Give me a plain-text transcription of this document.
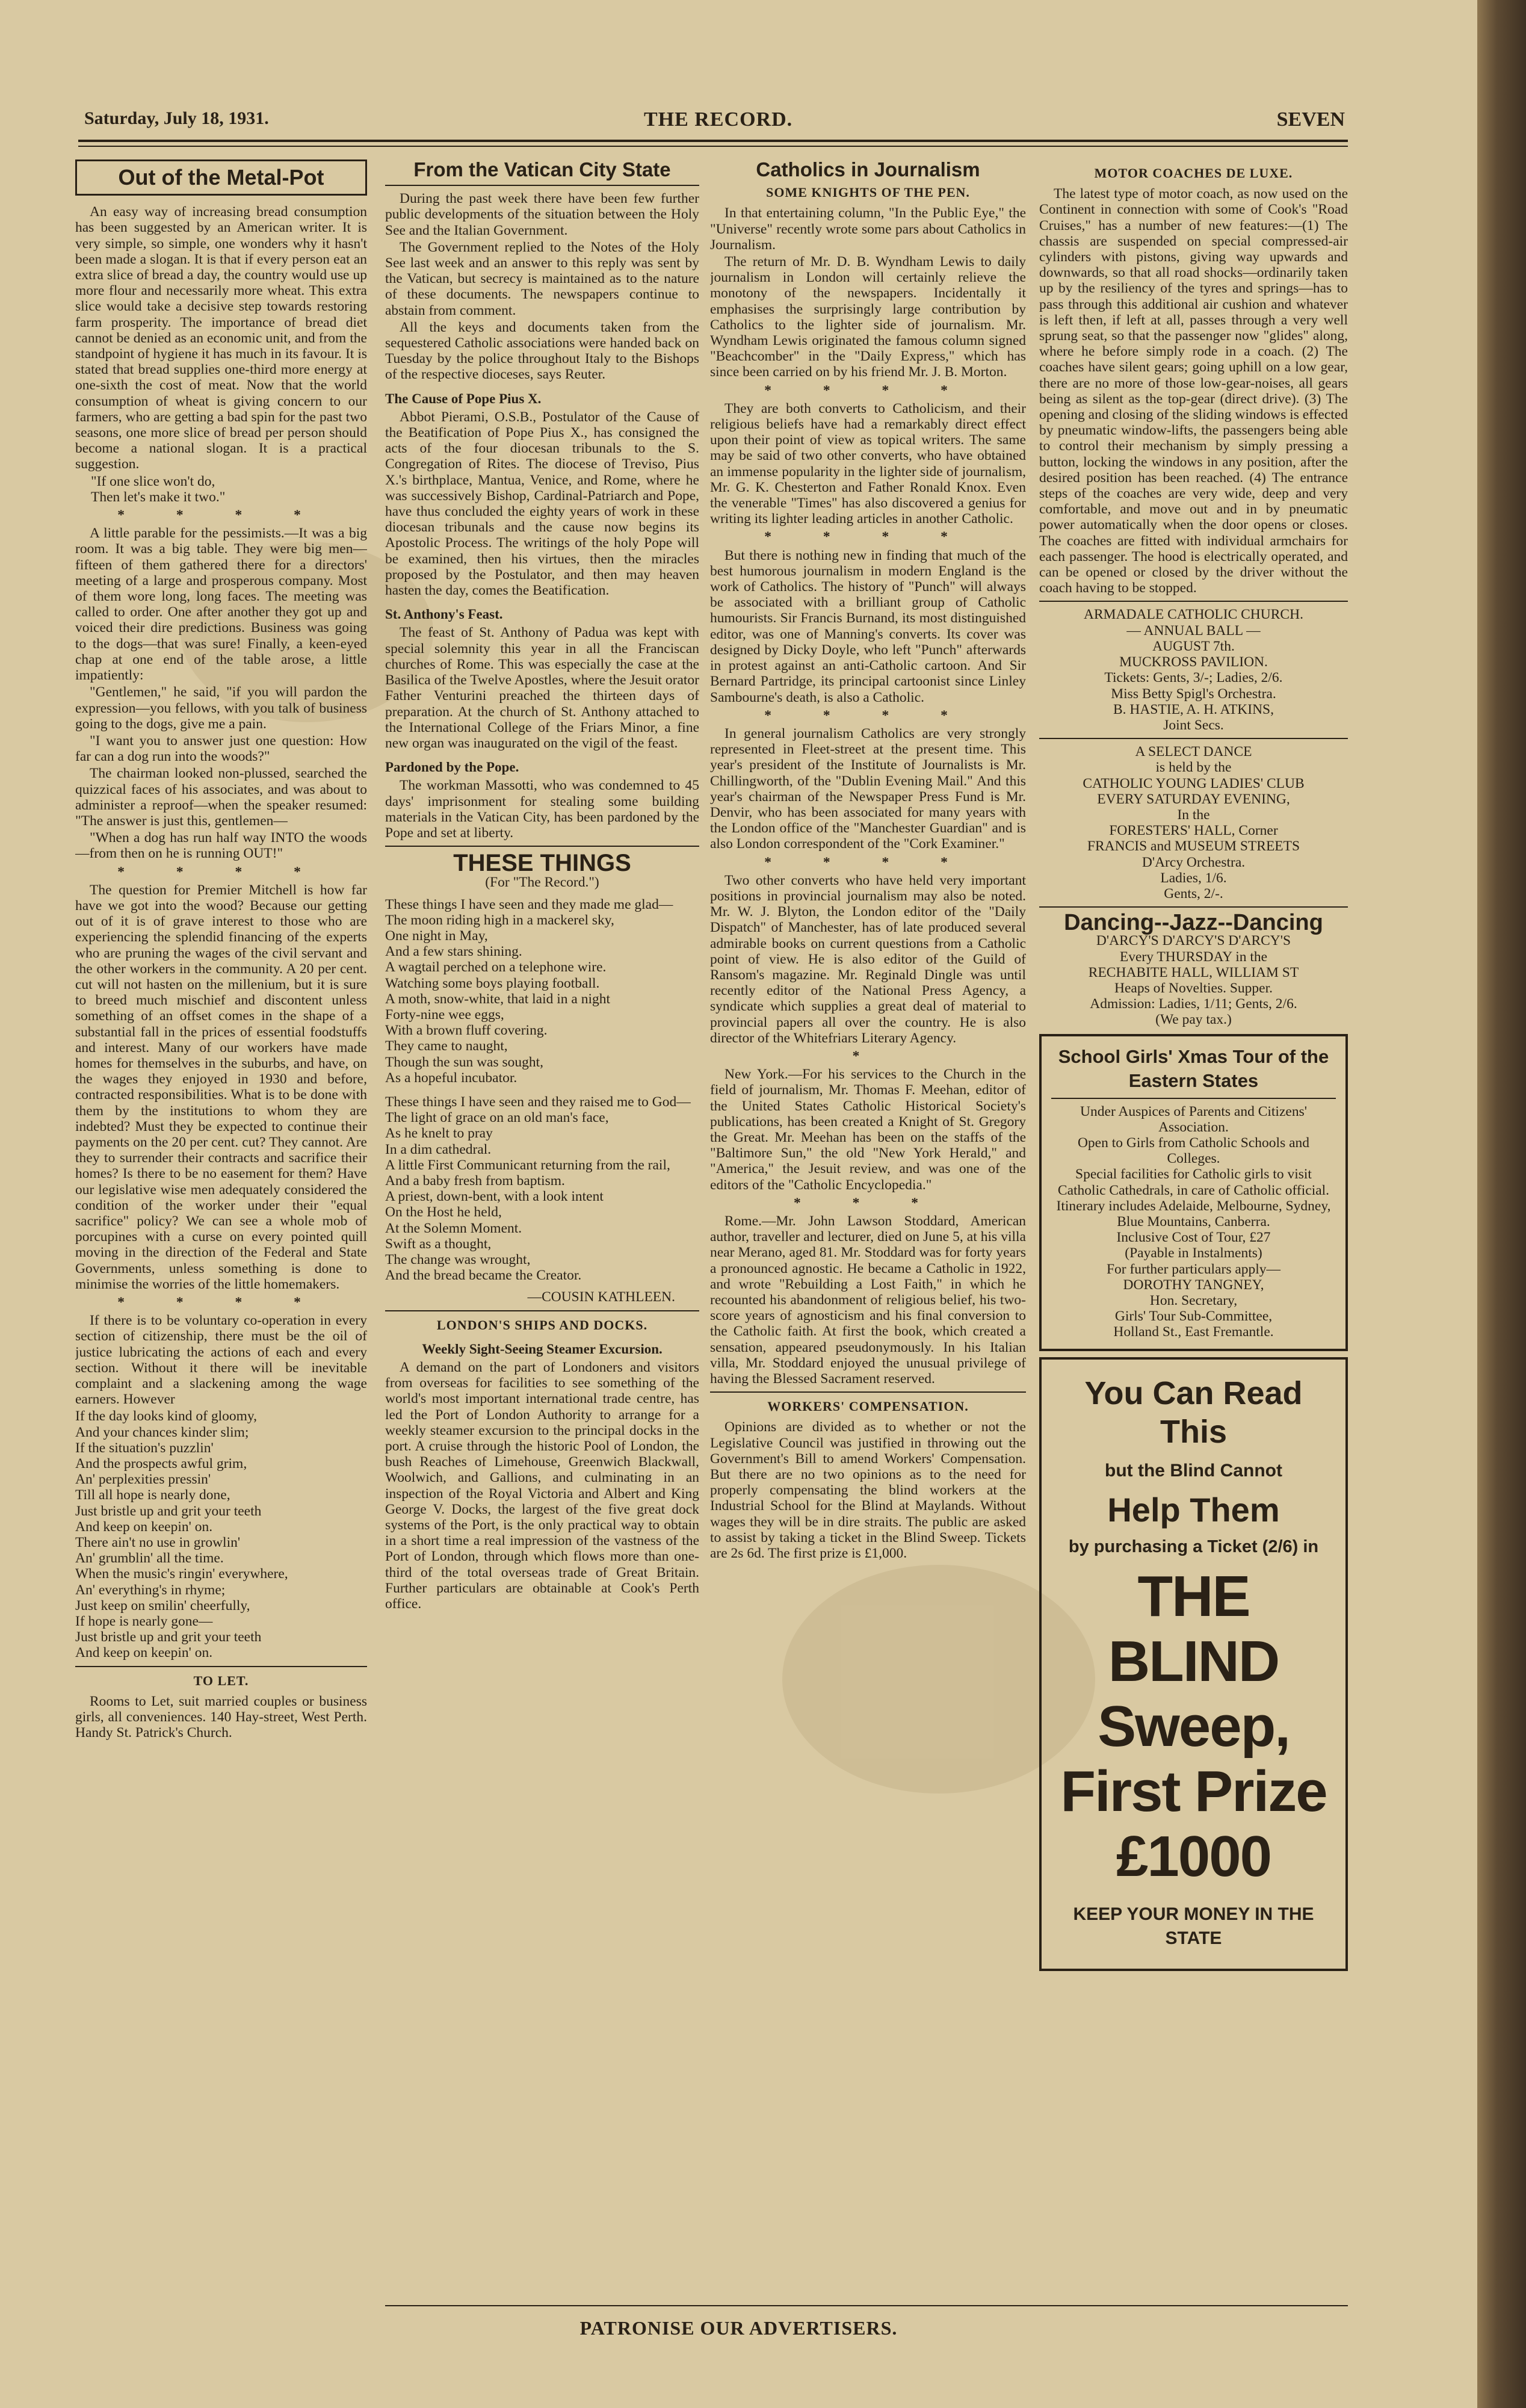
Saturday, July 18, 1931.	THE RECORD.	SEVEN
Out of the Metal-Pot

An easy way of increasing bread consumption has been suggested by an American writer. It is very simple, so simple, one wonders why it hasn't been made a slogan. It is that if every person eat an extra slice of bread a day, the country would use up more flour and necessarily more wheat. This extra slice would take a decisive step towards restoring farm prosperity. The importance of bread diet cannot be denied as an economic unit, and from the standpoint of hygiene it has much in its favour. It is stated that bread supplies one-third more energy at one-sixth the cost of meat. Now that the world consumption of wheat is giving concern to our farmers, who are getting a bad spin for the past two seasons, one more slice of bread per person should become a national slogan. It is a practical suggestion.

"If one slice won't do,

Then let's make it two."

* * * *

A little parable for the pessimists.—It was a big room. It was a big table. They were big men—fifteen of them gathered there for a directors' meeting of a large and prosperous company. Most of them wore long, long faces. The meeting was called to order. One after another they got up and voiced their dire predictions. Business was going to the dogs—that was sure! Finally, a keen-eyed chap at one end of the table arose, a little impatiently:

"Gentlemen," he said, "if you will pardon the expression—you fellows, with you talk of business going to the dogs, give me a pain.

"I want you to answer just one question: How far can a dog run into the woods?"

The chairman looked non-plussed, searched the quizzical faces of his associates, and was about to administer a reproof—when the speaker resumed: "The answer is just this, gentlemen—

"When a dog has run half way INTO the woods—from then on he is running OUT!"

* * * *

The question for Premier Mitchell is how far have we got into the wood? Because our getting out of it is of grave interest to those who are experiencing the splendid financing of the experts who are pruning the wages of the civil servant and the other workers in the community. A 20 per cent. cut will not hasten on the millenium, but it is sure to breed much mischief and discontent unless something of an offset comes in the shape of a substantial fall in the prices of essential foodstuffs and interest. Many of our workers have made homes for themselves in the suburbs, and have, on the wages they enjoyed in 1930 and before, contracted responsibilities. What is to be done with them by the institutions to whom they are indebted? Must they be expected to continue their payments on the 20 per cent. cut? They cannot. Are they to surrender their contracts and sacrifice their homes? Is there to be no easement for them? Have our legislative wise men adequately considered the condition of the worker under their "equal sacrifice" policy? We can see a whole mob of porcupines with a curse on every pointed quill moving in the direction of the Federal and State Governments, unless something is done to minimise the worries of the little homemakers.

* * * *

If there is to be voluntary co-operation in every section of citizenship, there must be the oil of justice lubricating the actions of each and every section. Without it there will be inevitable complaint and a slackening among the wage earners. However

If the day looks kind of gloomy,
And your chances kinder slim;
If the situation's puzzlin'
And the prospects awful grim,
An' perplexities pressin'
Till all hope is nearly done,
Just bristle up and grit your teeth
And keep on keepin' on.
There ain't no use in growlin'
An' grumblin' all the time.
When the music's ringin' everywhere,
An' everything's in rhyme;
Just keep on smilin' cheerfully,
If hope is nearly gone—
Just bristle up and grit your teeth
And keep on keepin' on.
TO LET.

Rooms to Let, suit married couples or business girls, all conveniences. 140 Hay-street, West Perth. Handy St. Patrick's Church.

From the Vatican City State

During the past week there have been few further public developments of the situation between the Holy See and the Italian Government.

The Government replied to the Notes of the Holy See last week and an answer to this reply was sent by the Vatican, but secrecy is maintained as to the nature of these documents. The newspapers continue to abstain from comment.

All the keys and documents taken from the sequestered Catholic associations were handed back on Tuesday by the police throughout Italy to the Bishops of the respective dioceses, says Reuter.

The Cause of Pope Pius X.

Abbot Pierami, O.S.B., Postulator of the Cause of the Beatification of Pope Pius X., has consigned the acts of the four diocesan tribunals to the S. Congregation of Rites. The diocese of Treviso, Pius X.'s birthplace, Mantua, Venice, and Rome, where he was successively Bishop, Cardinal-Patriarch and Pope, have thus concluded the eighty years of work in these diocesan tribunals and the cause now begins its Apostolic Process. The writings of the holy Pope will be examined, then his virtues, then the miracles proposed by the Postulator, and then may heaven hasten the day, comes the Beatification.

St. Anthony's Feast.

The feast of St. Anthony of Padua was kept with special solemnity this year in all the Franciscan churches of Rome. This was especially the case at the Basilica of the Twelve Apostles, where the Jesuit orator Father Venturini preached the thirteen days of preparation. At the church of St. Anthony attached to the International College of the Friars Minor, a fine new organ was inaugurated on the vigil of the feast.

Pardoned by the Pope.

The workman Massotti, who was condemned to 45 days' imprisonment for stealing some building materials in the Vatican City, has been pardoned by the Pope and set at liberty.

THESE THINGS
(For "The Record.")
These things I have seen and they made me glad—
The moon riding high in a mackerel sky,
One night in May,
And a few stars shining.
A wagtail perched on a telephone wire.
Watching some boys playing football.
A moth, snow-white, that laid in a night
Forty-nine wee eggs,
With a brown fluff covering.
They came to naught,
Though the sun was sought,
As a hopeful incubator.
These things I have seen and they raised me to God—
The light of grace on an old man's face,
As he knelt to pray
In a dim cathedral.
A little First Communicant returning from the rail,
And a baby fresh from baptism.
A priest, down-bent, with a look intent
On the Host he held,
At the Solemn Moment.
Swift as a thought,
The change was wrought,
And the bread became the Creator.
—COUSIN KATHLEEN.
LONDON'S SHIPS AND DOCKS.
Weekly Sight-Seeing Steamer Excursion.

A demand on the part of Londoners and visitors from overseas for facilities to see something of the world's most important international trade centre, has led the Port of London Authority to arrange for a weekly steamer excursion to the principal docks in the port. A cruise through the historic Pool of London, the bush Reaches of Limehouse, Greenwich Blackwall, Woolwich, and Gallions, and culminating in an inspection of the Royal Victoria and Albert and King George V. Docks, the largest of the five great dock systems of the Port, is the only practical way to obtain in a short time a real impression of the vastness of the Port of London, through which flows more than one-third of the total overseas trade of Great Britain. Further particulars are obtainable at Cook's Perth office.

Catholics in Journalism
SOME KNIGHTS OF THE PEN.

In that entertaining column, "In the Public Eye," the "Universe" recently wrote some pars about Catholics in Journalism.

The return of Mr. D. B. Wyndham Lewis to daily journalism in London will certainly relieve the monotony of the newspapers. Incidentally it emphasises the surprisingly large contribution by Catholics to the lighter side of journalism. Mr. Wyndham Lewis originated the famous column signed "Beachcomber" in the "Daily Express," which has since been carried on by his friend Mr. J. B. Morton.

* * * *

They are both converts to Catholicism, and their religious beliefs have had a remarkably direct effect upon their point of view as topical writers. The same may be said of two other converts, who have obtained an immense popularity in the lighter side of journalism, Mr. G. K. Chesterton and Father Ronald Knox. Even the venerable "Times" has also discovered a genius for writing its lighter leading articles in another Catholic.

* * * *

But there is nothing new in finding that much of the best humorous journalism in modern England is the work of Catholics. The history of "Punch" will always be associated with a brilliant group of Catholic humourists. Sir Francis Burnand, its most distinguished editor, was one of Manning's converts. Its cover was designed by Dicky Doyle, who left "Punch" afterwards in protest against an anti-Catholic cartoon. And Sir Bernard Partridge, its principal cartoonist since Linley Sambourne's death, is also a Catholic.

* * * *

In general journalism Catholics are very strongly represented in Fleet-street at the present time. This year's president of the Institute of Journalists is Mr. Chillingworth, of the "Dublin Evening Mail." And this year's chairman of the Newspaper Press Fund is Mr. Denvir, who has been associated for many years with the London office of the "Manchester Guardian" and is also London correspondent of the "Cork Examiner."

* * * *

Two other converts who have held very important positions in provincial journalism may also be noted. Mr. W. J. Blyton, the London editor of the "Daily Dispatch" of Manchester, has of late produced several admirable books on current questions from a Catholic point of view. He is also editor of the Guild of Ransom's magazine. Mr. Reginald Dingle was until recently editor of the National Press Agency, a syndicate which supplies a great deal of material to provincial papers all over the country. He is also director of the Whitefriars Literary Agency.

*

New York.—For his services to the Church in the field of journalism, Mr. Thomas F. Meehan, editor of the United States Catholic Historical Society's publications, has been created a Knight of St. Gregory the Great. Mr. Meehan has been on the staffs of the "Baltimore Sun," the old "New York Herald," and "America," the Jesuit review, and was one of the editors of the "Catholic Encyclopedia."

* * *

Rome.—Mr. John Lawson Stoddard, American author, traveller and lecturer, died on June 5, at his villa near Merano, aged 81. Mr. Stoddard was for forty years a pronounced agnostic. He became a Catholic in 1922, and wrote "Rebuilding a Lost Faith," in which he recounted his abandonment of religious belief, his two-score years of agnosticism and his final conversion to the Catholic faith. At first the book, which created a sensation, appeared pseudonymously. In his Italian villa, Mr. Stoddard enjoyed the unusual privilege of having the Blessed Sacrament reserved.

WORKERS' COMPENSATION.

Opinions are divided as to whether or not the Legislative Council was justified in throwing out the Government's Bill to amend Workers' Compensation. But there are no two opinions as to the need for properly compensating the blind workers at the Industrial School for the Blind at Maylands. Without wages they will be in dire straits. The public are asked to assist by taking a ticket in the Blind Sweep. Tickets are 2s 6d. The first prize is £1,000.

MOTOR COACHES DE LUXE.

The latest type of motor coach, as now used on the Continent in connection with some of Cook's "Road Cruises," has a number of new features:—(1) The chassis are suspended on special compressed-air cylinders with pistons, giving way upwards and downwards, so that all road shocks—ordinarily taken up by the resiliency of the tyres and springs—has to pass through this additional air cushion and whatever is left then, if left at all, passes through a very well sprung seat, so that the passenger now "glides" along, where he before simply rode in a coach. (2) The coaches have silent gears; going uphill on a low gear, there are no more of those low-gear-noises, all gears being as silent as the top-gear (direct drive). (3) The opening and closing of the sliding windows is effected by pneumatic window-lifts, the passengers being able to control their mechanism by simply pressing a button, locking the windows in any position, after the desired position has been reached. (4) The entrance steps of the coaches are very wide, deep and very comfortable, and move out and in by pneumatic power automatically when the door opens or closes. The coaches are fitted with individual armchairs for each passenger. The hood is electrically operated, and can be opened or closed by the driver without the coach having to be stopped.

ARMADALE CATHOLIC CHURCH.
— ANNUAL BALL —
AUGUST 7th.
MUCKROSS PAVILION.
Tickets: Gents, 3/-; Ladies, 2/6.
Miss Betty Spigl's Orchestra.
B. HASTIE, A. H. ATKINS,
Joint Secs.
A SELECT DANCE
is held by the
CATHOLIC YOUNG LADIES' CLUB
EVERY SATURDAY EVENING,
In the
FORESTERS' HALL, Corner
FRANCIS and MUSEUM STREETS
D'Arcy Orchestra.
Ladies, 1/6.
Gents, 2/-.
Dancing--Jazz--Dancing
D'ARCY'S D'ARCY'S D'ARCY'S
Every THURSDAY in the
RECHABITE HALL, WILLIAM ST
Heaps of Novelties. Supper.
Admission: Ladies, 1/11; Gents, 2/6.
(We pay tax.)
School Girls' Xmas Tour of the Eastern States
Under Auspices of Parents and Citizens' Association.
Open to Girls from Catholic Schools and Colleges.
Special facilities for Catholic girls to visit Catholic Cathedrals, in care of Catholic official.
Itinerary includes Adelaide, Melbourne, Sydney, Blue Mountains, Canberra.
Inclusive Cost of Tour, £27
(Payable in Instalments)
For further particulars apply—
DOROTHY TANGNEY,
Hon. Secretary,
Girls' Tour Sub-Committee,
Holland St., East Fremantle.
You Can Read This
but the Blind Cannot
Help Them
by purchasing a Ticket (2/6) in
THE BLIND Sweep, First Prize £1000
KEEP YOUR MONEY IN THE STATE
PATRONISE OUR ADVERTISERS.
